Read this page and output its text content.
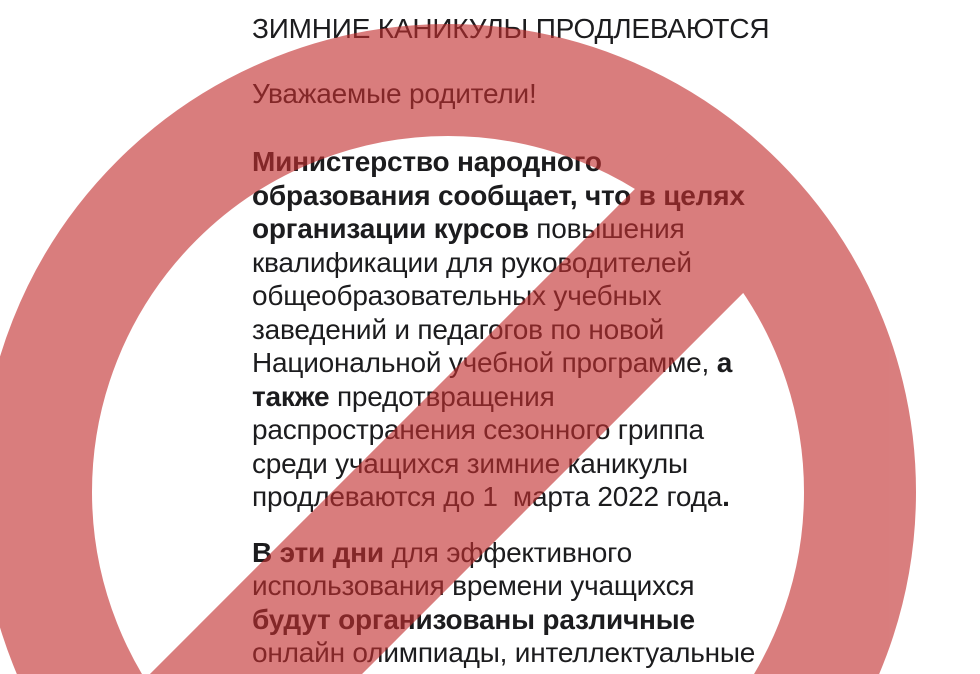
ЗИМНИЕ КАНИКУЛЫ ПРОДЛЕВАЮТСЯ
Уважаемые родители!
Министерство народного
образования сообщает, что в целях
организации курсов повышения
квалификации для руководителей
общеобразовательных учебных
заведений и педагогов по новой
Национальной учебной программе, а
также предотвращения
распространения сезонного гриппа
среди учащихся зимние каникулы
продлеваются до 1  марта 2022 года.
В эти дни для эффективного
использования времени учащихся
будут организованы различные
онлайн олимпиады, интеллектуальные
